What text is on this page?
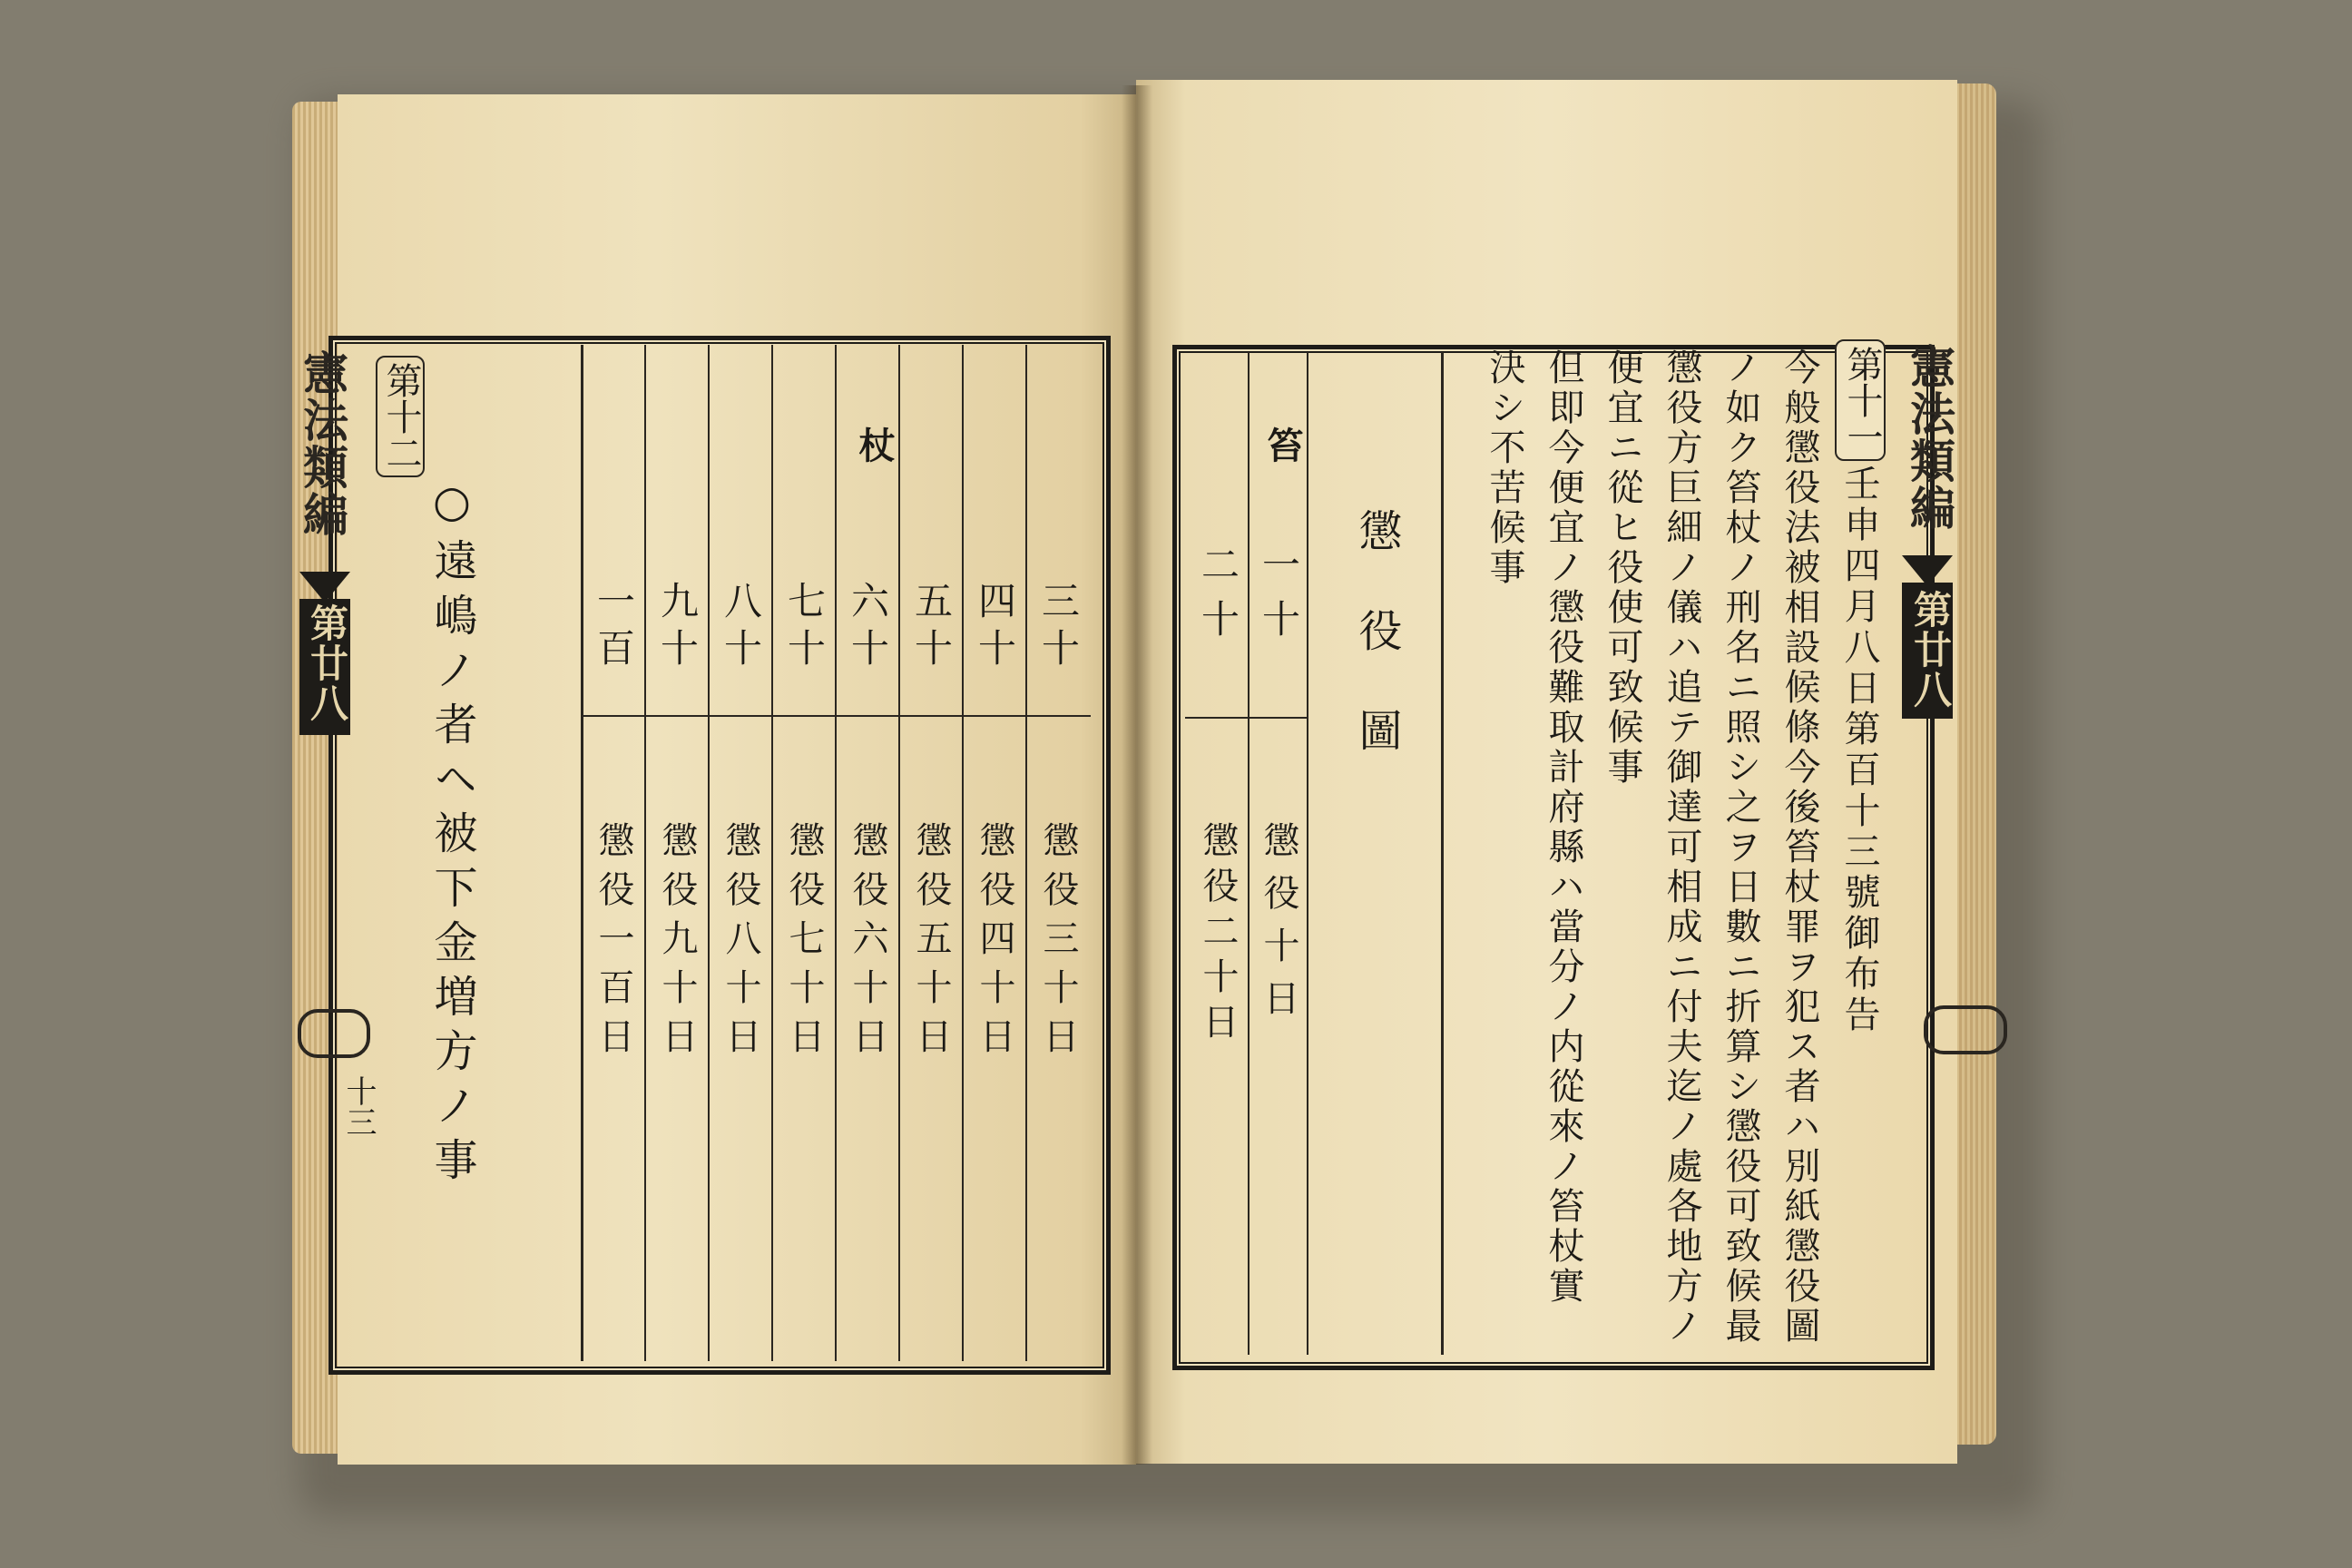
憲法類編
第廿八
十三
第十二
○遠嶋ノ者ヘ被下金増方ノ事
杖
三十
懲役三十日
四十
懲役四十日
五十
懲役五十日
六十
懲役六十日
七十
懲役七十日
八十
懲役八十日
九十
懲役九十日
一百
懲役一百日
第十一
壬申四月八日第百十三號御布告
今般懲役法被相設候條今後笞杖罪ヲ犯ス者ハ別紙懲役圖
ノ如ク笞杖ノ刑名ニ照シ之ヲ日數ニ折算シ懲役可致候最
懲役方巨細ノ儀ハ追テ御達可相成ニ付夫迄ノ處各地方ノ
便宜ニ從ヒ役使可致候事
但即今便宜ノ懲役難取計府縣ハ當分ノ内從來ノ笞杖實
決シ不苦候事
懲役圖
笞
一十
懲役十日
二十
懲役二十日
憲法類編
第廿八
